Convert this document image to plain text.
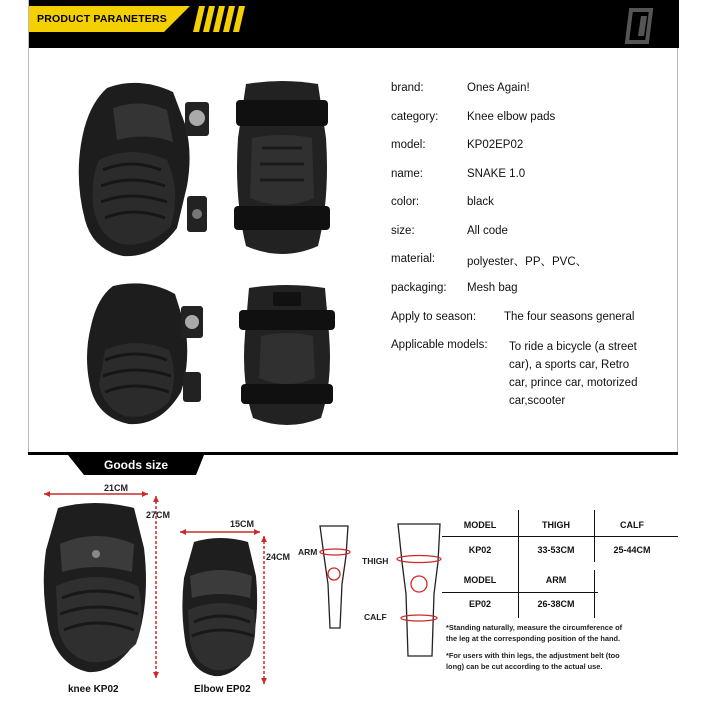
PRODUCT PARANETERS
brand:	Ones Again!
category: Knee elbow pads
model:	KP02EP02
name:	SNAKE 1.0
color:	black
size:	All code
material:	polyester、PP、PVC、
packaging: Mesh bag
Apply to season: The four seasons general
Applicable models: To ride a bicycle (a street
car), a sports car, Retro
car, prince car, motorized
car,scooter
Goods size
21CM
27CM
knee KP02
15CM
24CM
Elbow EP02
ARM
THIGH
CALF
MODEL	THIGH	CALF
KP02	33-53CM	25-44CM
MODEL	ARM
EP02	26-38CM
*Standing naturally, measure the circumference of
the leg at the corresponding position of the hand.
*For users with thin legs, the adjustment belt (too
long) can be cut according to the actual use.
